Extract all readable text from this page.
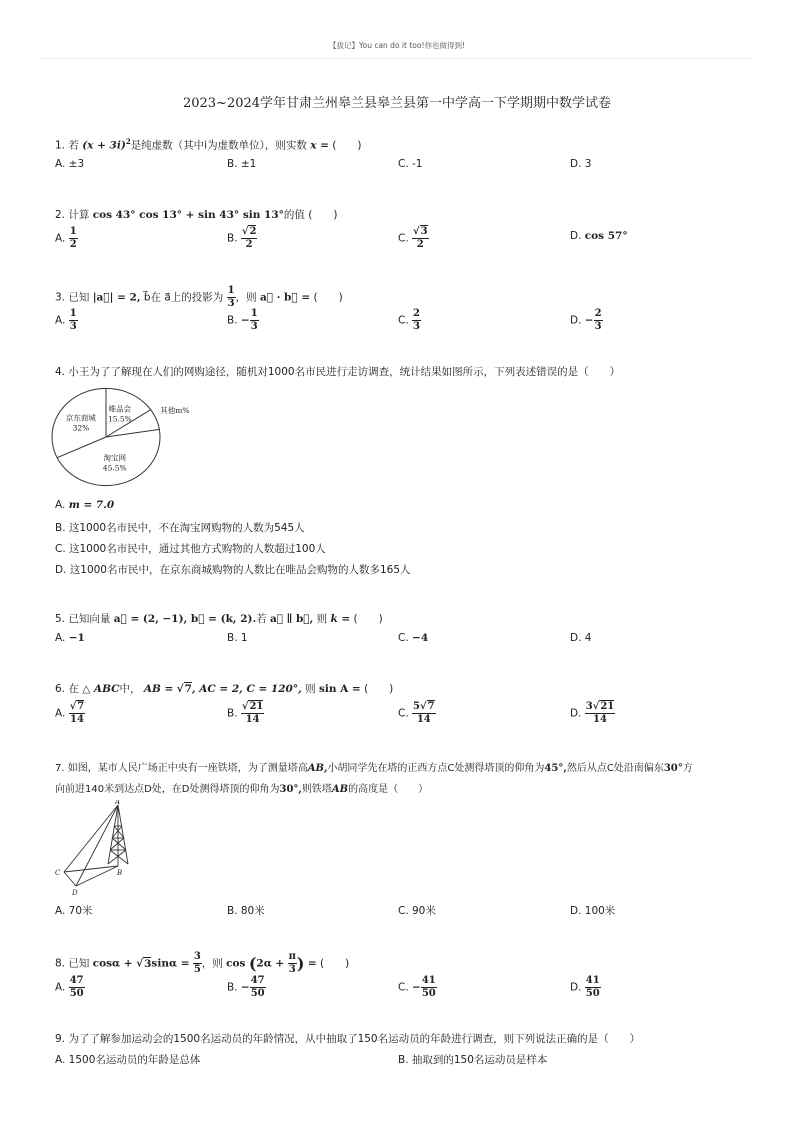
【拔记】You can do it too!你也做得到!
2023~2024学年甘肃兰州皋兰县皋兰县第一中学高一下学期期中数学试卷
1. 若 $(x + 3i)^2$是纯虚数（其中i为虚数单位），则实数 x = (　　)
A. ±3	B. ±1	C. -1	D. 3
2. 计算 cos 43° cos 13° + sin 43° sin 13°的值 (　　)
A. $\frac{1}{2}$	B. $\frac{√2}{2}$	C. $\frac{√3}{2}$	D. cos 57°
3. 已知 |a⃗| = 2, b⃗在 a⃗上的投影为 $\frac{1}{3}$ ，则 a⃗ · b⃗ = (　　)
A. $\frac{1}{3}$	B. − $\frac{1}{3}$	C. $\frac{2}{3}$	D. − $\frac{2}{3}$
4. 小王为了了解现在人们的网购途径，随机对1000名市民进行走访调查，统计结果如图所示，下列表述错误的是（　　）
唯品会
15.5%
其他m%
淘宝网
45.5%
京东商城
32%
A. m = 7.0
B. 这1000名市民中，不在淘宝网购物的人数为545人
C. 这1000名市民中，通过其他方式购物的人数超过100人
D. 这1000名市民中，在京东商城购物的人数比在唯品会购物的人数多165人
5. 已知向量 a⃗ = (2, −1), b⃗ = (k, 2).若 a⃗ ∥ b⃗, 则 k = (　　)
A. −1	B. 1	C. −4	D. 4
6. 在 △ ABC中， AB = √7, AC = 2, C = 120°, 则 sin A = (　　)
A. $\frac{√7}{14}$	B. $\frac{√21}{14}$	C. $\frac{5√7}{14}$	D. $\frac{3√21}{14}$
7. 如图，某市人民广场正中央有一座铁塔，为了测量塔高AB,小胡同学先在塔的正西方点C处测得塔顶的仰角为45°,然后从点C处沿南偏东30°方
向前进140米到达点D处，在D处测得塔顶的仰角为30°,则铁塔AB的高度是（　　）
A
B
C
D
A. 70米	B. 80米	C. 90米	D. 100米
8. 已知 $\cos\alpha + √3\sin\alpha = \frac{3}{5}$ ，则 $\cos (2\alpha + \frac{\pi}{3}$ ) = (　　)
A. $\frac{47}{50}$	B. − $\frac{47}{50}$	C. − $\frac{41}{50}$	D. $\frac{41}{50}$
9. 为了了解参加运动会的1500名运动员的年龄情况，从中抽取了150名运动员的年龄进行调查，则下列说法正确的是（　　）
A. 1500名运动员的年龄是总体	B. 抽取到的150名运动员是样本
